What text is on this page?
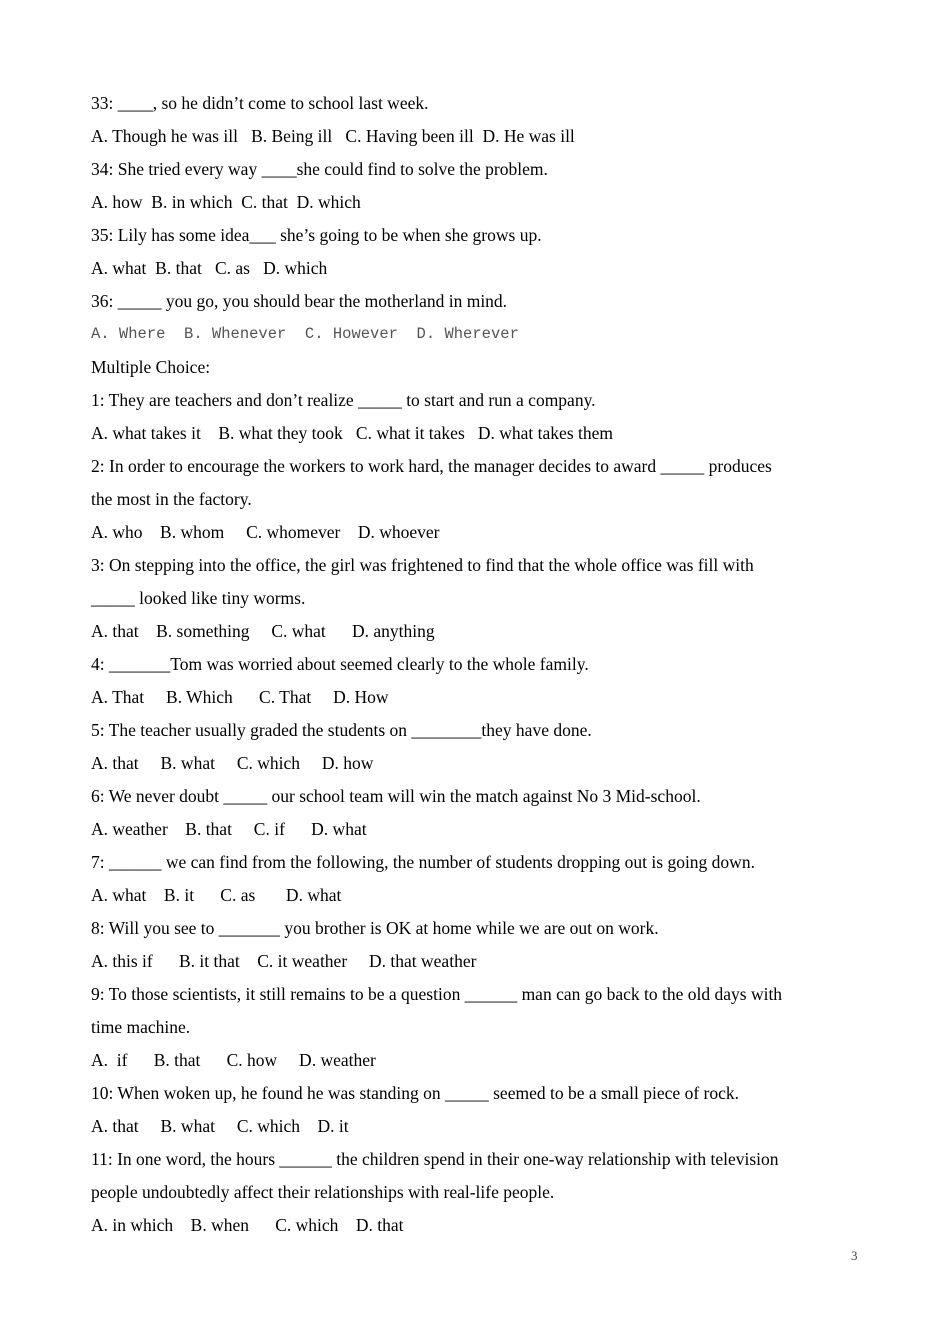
33: ____, so he didn’t come to school last week.
A. Though he was ill   B. Being ill   C. Having been ill  D. He was ill
34: She tried every way ____she could find to solve the problem.
A. how  B. in which  C. that  D. which
35: Lily has some idea___ she’s going to be when she grows up.
A. what  B. that   C. as   D. which
36: _____ you go, you should bear the motherland in mind.
A. Where  B. Whenever  C. However  D. Wherever
Multiple Choice:
1: They are teachers and don’t realize _____ to start and run a company.
A. what takes it    B. what they took   C. what it takes   D. what takes them
2: In order to encourage the workers to work hard, the manager decides to award _____ produces
the most in the factory.
A. who    B. whom     C. whomever    D. whoever
3: On stepping into the office, the girl was frightened to find that the whole office was fill with
_____ looked like tiny worms.
A. that    B. something     C. what      D. anything
4: _______Tom was worried about seemed clearly to the whole family.
A. That     B. Which      C. That     D. How
5: The teacher usually graded the students on ________they have done.
A. that     B. what     C. which     D. how
6: We never doubt _____ our school team will win the match against No 3 Mid-school.
A. weather    B. that     C. if      D. what
7: ______ we can find from the following, the number of students dropping out is going down.
A. what    B. it      C. as       D. what
8: Will you see to _______ you brother is OK at home while we are out on work.
A. this if      B. it that    C. it weather     D. that weather
9: To those scientists, it still remains to be a question ______ man can go back to the old days with
time machine.
A.  if      B. that      C. how     D. weather
10: When woken up, he found he was standing on _____ seemed to be a small piece of rock.
A. that     B. what     C. which    D. it
11: In one word, the hours ______ the children spend in their one-way relationship with television
people undoubtedly affect their relationships with real-life people.
A. in which    B. when      C. which    D. that
3
